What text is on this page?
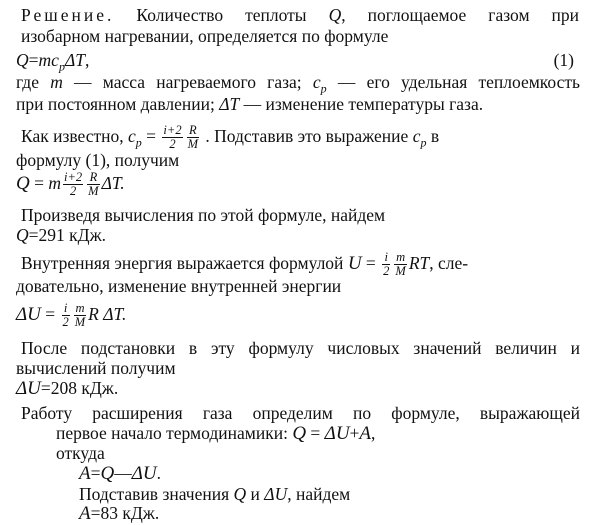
Решение. Количество теплоты Q, поглощаемое газом при
изобарном нагревании, определяется по формуле
$Q=mc_p\Delta T$,	(1)
где m — масса нагреваемого газа; $c_p$ — его удельная теплоемкость
при постоянном давлении; ΔT — изменение температуры газа.
Как известно, $c_p = \frac{i+2}{2} \frac{R}{M}$ . Подставив это выражение $c_p$ в
формулу (1), получим
Q = m $\frac{i+2}{2} \frac{R}{M} \Delta T$.
Произведя вычисления по этой формуле, найдем
Q=291 кДж.
Внутренняя энергия выражается формулой $U = \frac{i}{2} \frac{m}{M}$ RT, сле-
довательно, изменение внутренней энергии
$\Delta U = \frac{i}{2} \frac{m}{M}$ R ΔT.
После подстановки в эту формулу числовых значений величин и
вычислений получим
ΔU=208 кДж.
Работу расширения газа определим по формуле, выражающей
первое начало термодинамики: Q = ΔU+A,
откуда
A=Q—ΔU.
Подставив значения Q и ΔU, найдем
A=83 кДж.
